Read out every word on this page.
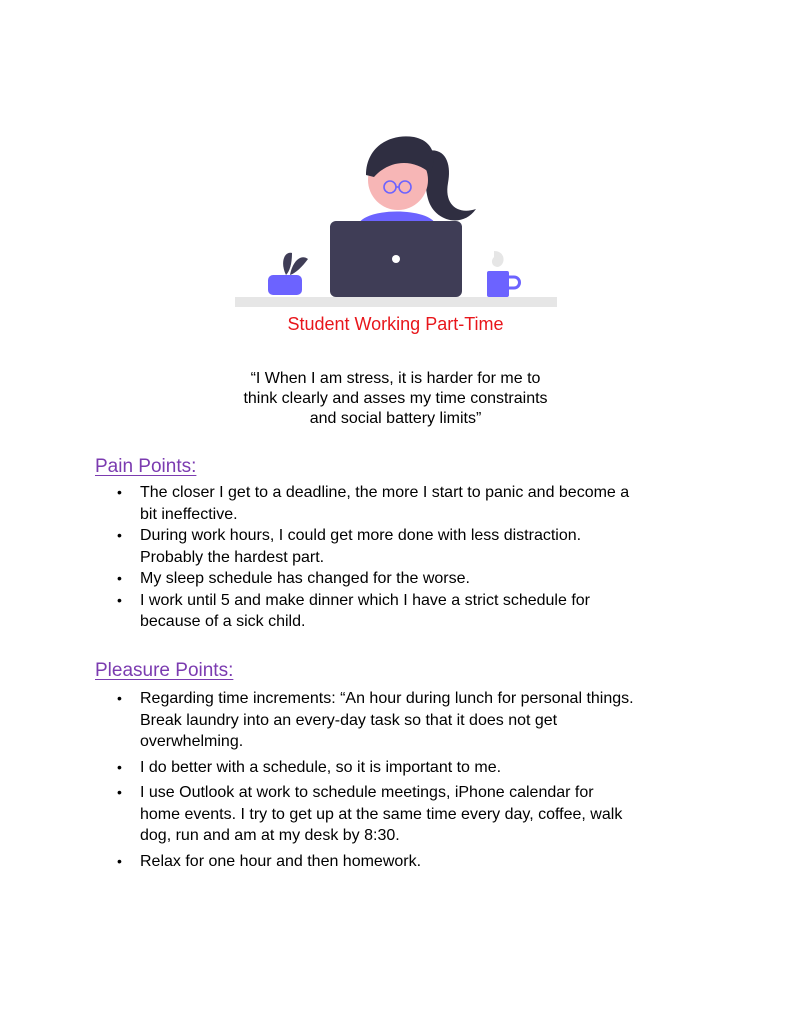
Student Working Part-Time
“I When I am stress, it is harder for me to
think clearly and asses my time constraints
and social battery limits”
Pain Points:
• The closer I get to a deadline, the more I start to panic and become a
bit ineffective.
• During work hours, I could get more done with less distraction.
Probably the hardest part.
• My sleep schedule has changed for the worse.
• I work until 5 and make dinner which I have a strict schedule for
because of a sick child.
Pleasure Points:
• Regarding time increments: “An hour during lunch for personal things.
Break laundry into an every-day task so that it does not get
overwhelming.
• I do better with a schedule, so it is important to me.
• I use Outlook at work to schedule meetings, iPhone calendar for
home events. I try to get up at the same time every day, coffee, walk
dog, run and am at my desk by 8:30.
• Relax for one hour and then homework.
